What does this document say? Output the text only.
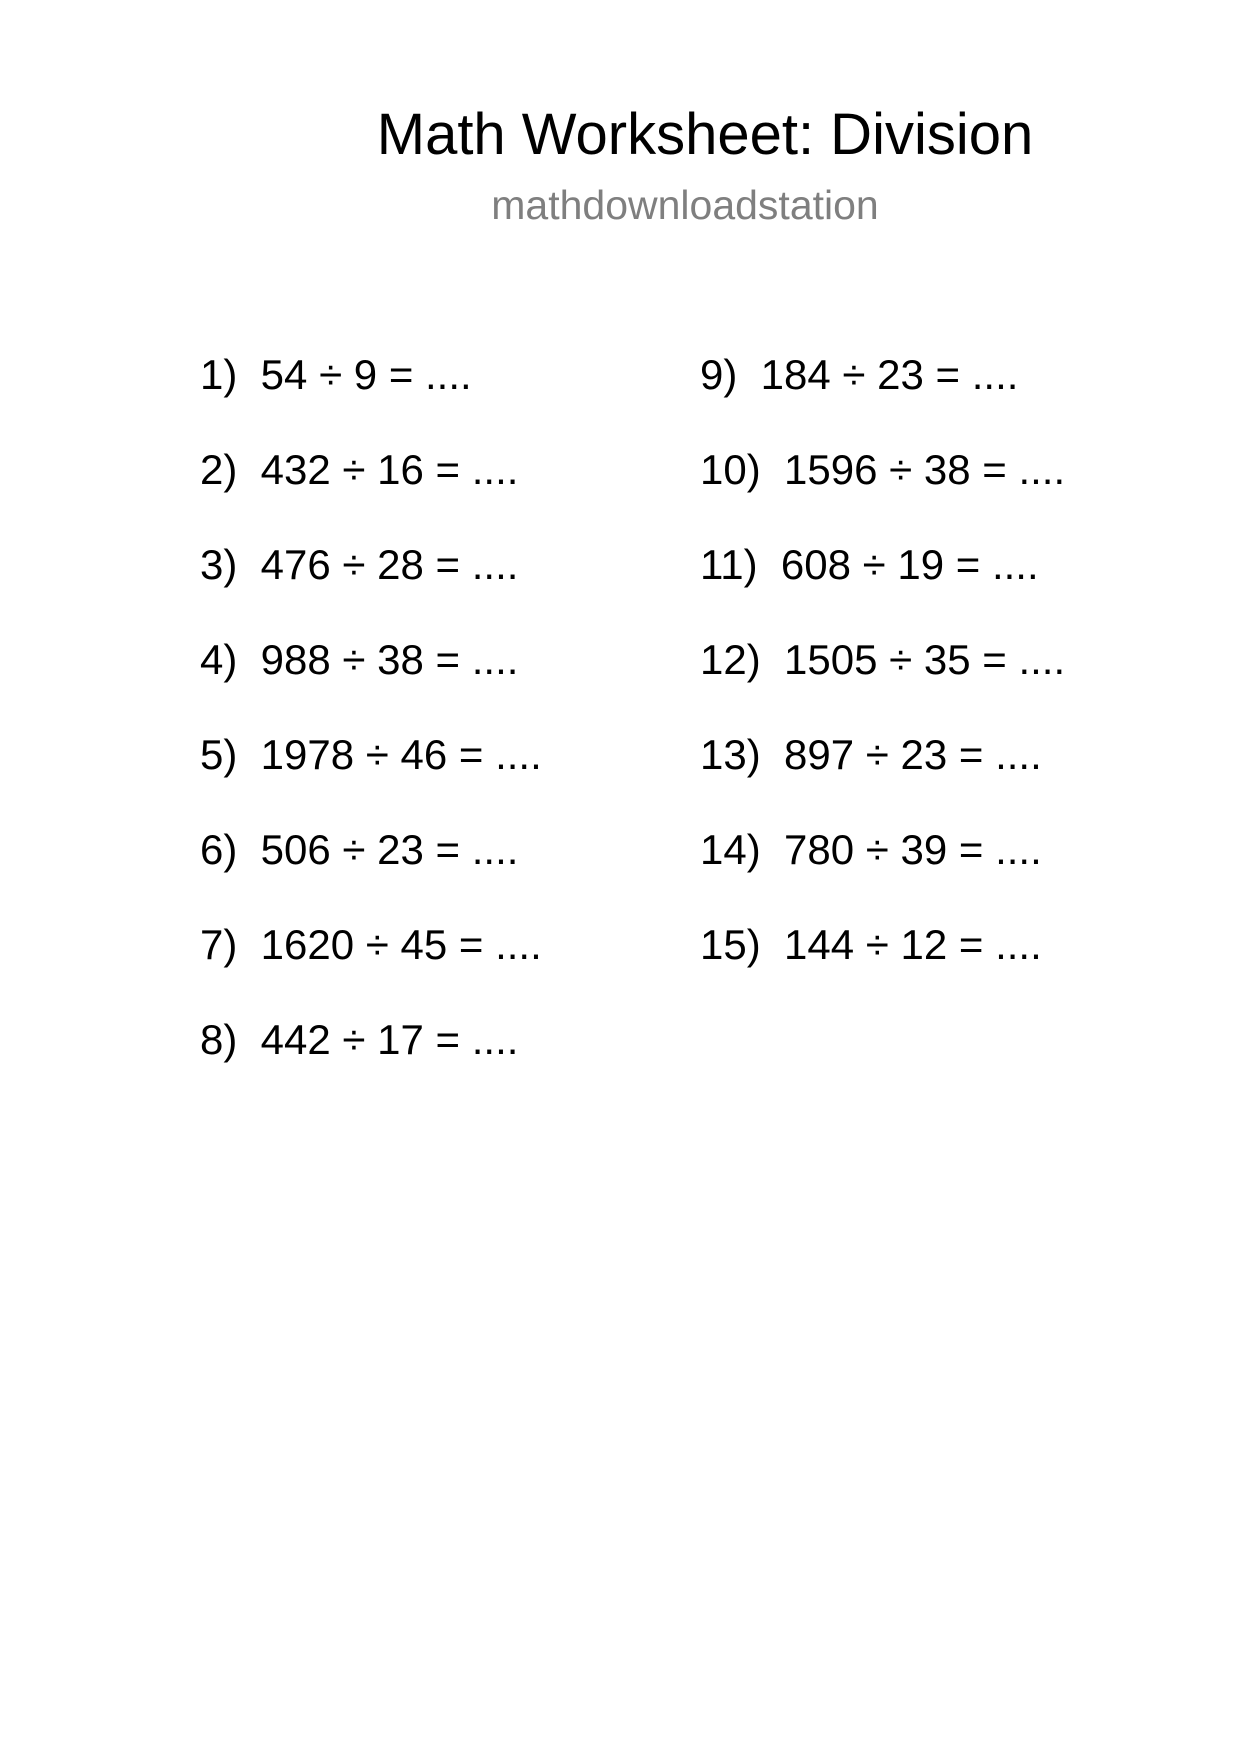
Math Worksheet: Division
mathdownloadstation
1)  54 ÷ 9 = ....
2)  432 ÷ 16 = ....
3)  476 ÷ 28 = ....
4)  988 ÷ 38 = ....
5)  1978 ÷ 46 = ....
6)  506 ÷ 23 = ....
7)  1620 ÷ 45 = ....
8)  442 ÷ 17 = ....
9)  184 ÷ 23 = ....
10)  1596 ÷ 38 = ....
11)  608 ÷ 19 = ....
12)  1505 ÷ 35 = ....
13)  897 ÷ 23 = ....
14)  780 ÷ 39 = ....
15)  144 ÷ 12 = ....
